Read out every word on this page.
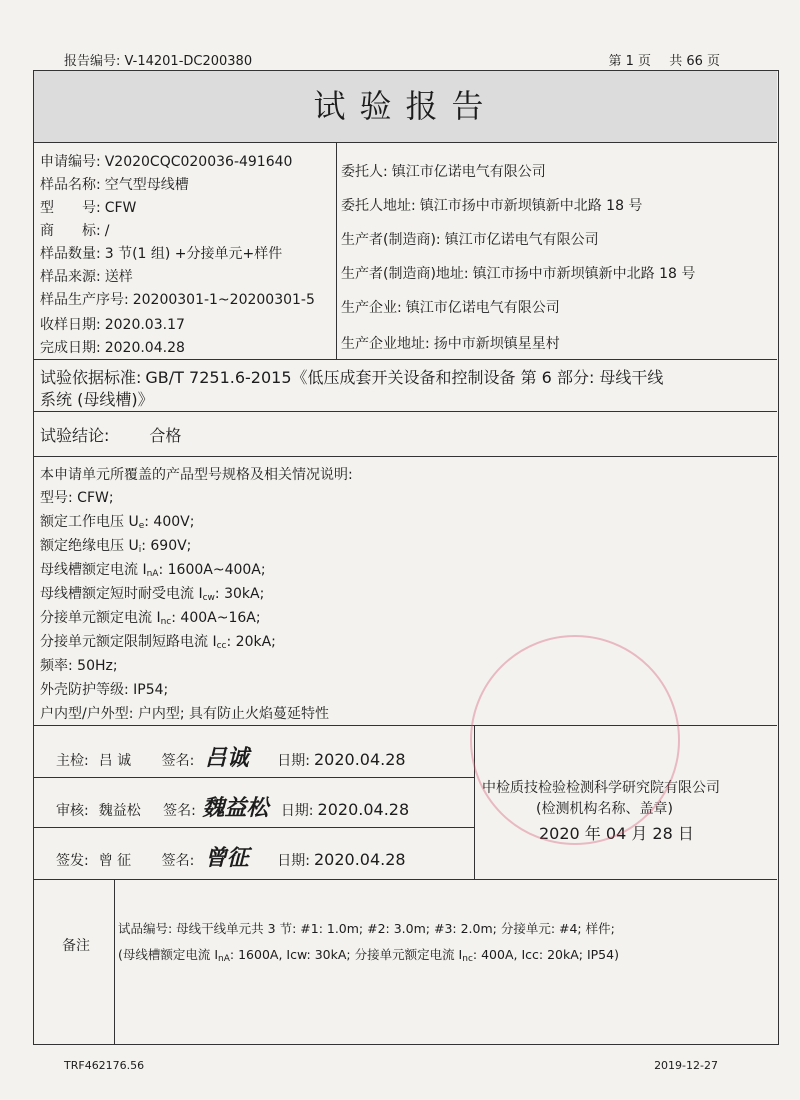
报告编号: V-14201-DC200380	第 1 页 共 66 页
试验报告
申请编号: V2020CQC020036-491640
样品名称: 空气型母线槽
型　　号: CFW
商　　标: /
样品数量: 3 节(1 组) +分接单元+样件
样品来源: 送样
样品生产序号: 20200301-1~20200301-5
收样日期: 2020.03.17
完成日期: 2020.04.28
委托人: 镇江市亿诺电气有限公司
委托人地址: 镇江市扬中市新坝镇新中北路 18 号
生产者(制造商): 镇江市亿诺电气有限公司
生产者(制造商)地址: 镇江市扬中市新坝镇新中北路 18 号
生产企业: 镇江市亿诺电气有限公司
生产企业地址: 扬中市新坝镇星星村
试验依据标准: GB/T 7251.6-2015《低压成套开关设备和控制设备 第 6 部分: 母线干线
系统 (母线槽)》
试验结论:	合格
本申请单元所覆盖的产品型号规格及相关情况说明:
型号: CFW;
额定工作电压 $U_e$: 400V;
额定绝缘电压 $U_i$: 690V;
母线槽额定电流 $I_{nA}$: 1600A~400A;
母线槽额定短时耐受电流 $I_{cw}$: 30kA;
分接单元额定电流 $I_{nc}$: 400A~16A;
分接单元额定限制短路电流 $I_{cc}$: 20kA;
频率: 50Hz;
外壳防护等级: IP54;
户内型/户外型: 户内型; 具有防止火焰蔓延特性
主检: 吕 诚 签名: 吕诚 日期: 2020.04.28
审核: 魏益松 签名: 魏益松 日期: 2020.04.28
签发: 曾 征 签名: 曾征 日期: 2020.04.28
中检质技检验检测科学研究院有限公司
(检测机构名称、盖章)
2020 年 04 月 28 日
备注
试品编号: 母线干线单元共 3 节: #1: 1.0m; #2: 3.0m; #3: 2.0m; 分接单元: #4; 样件;
(母线槽额定电流 $I_{nA}$: 1600A, Icw: 30kA; 分接单元额定电流 $I_{nc}$: 400A, Icc: 20kA; IP54)
TRF462176.56	2019-12-27
